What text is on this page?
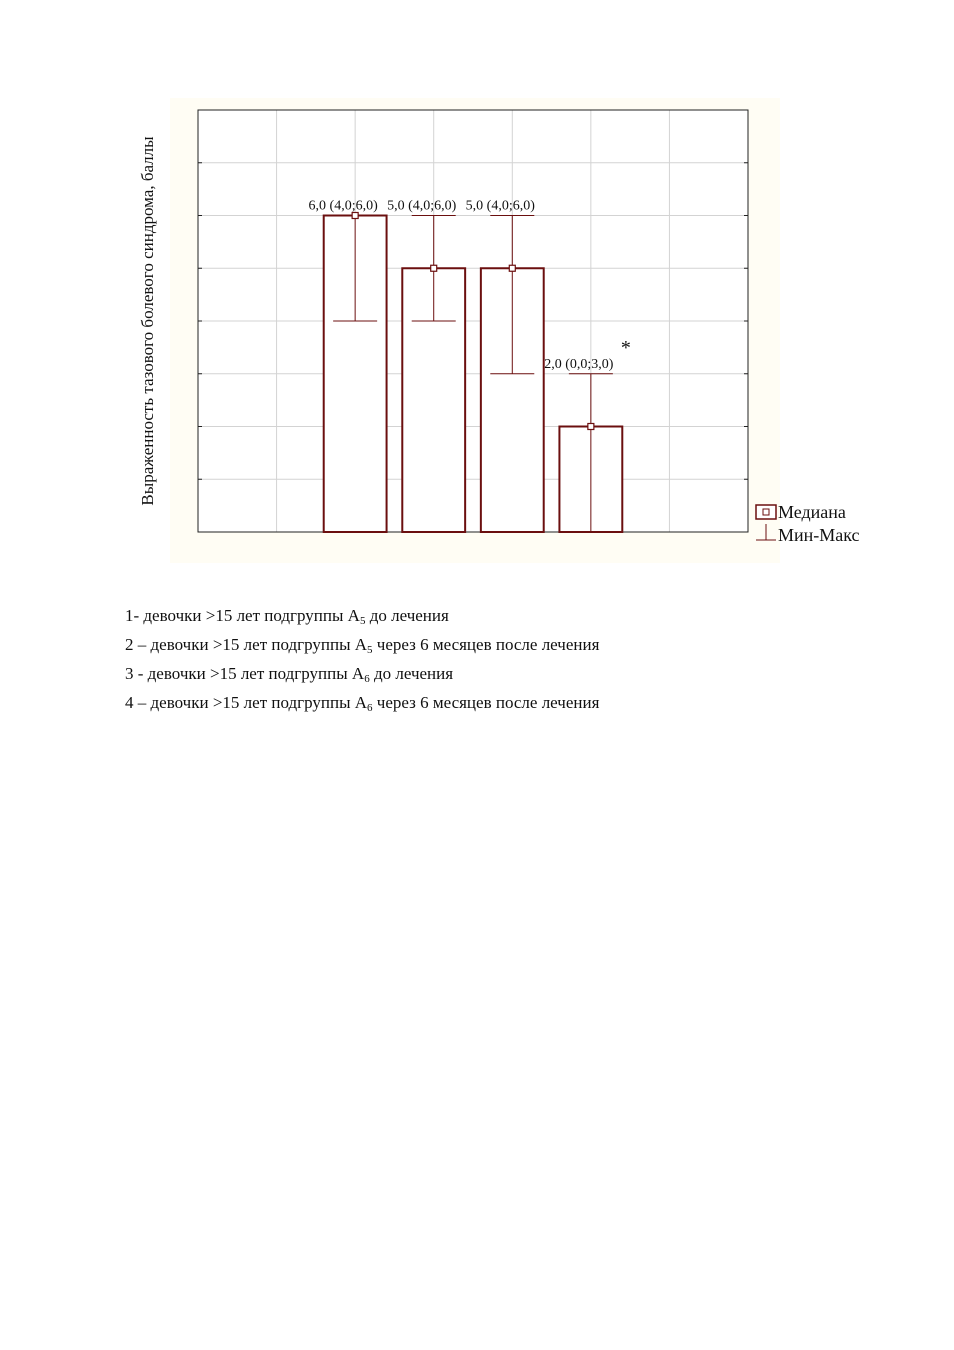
6,0 (4,0;6,0) 5,0 (4,0;6,0) 5,0 (4,0;6,0)
2,0 (0,0;3,0)
*
Выраженность тазового болевого синдрома, баллы
Медиана
Мин-Макс
1- девочки >15 лет подгруппы $А_5$ до лечения
2 – девочки >15 лет подгруппы $А_5$ через 6 месяцев после лечения
3 - девочки >15 лет подгруппы $А_6$ до лечения
4 – девочки >15 лет подгруппы $А_6$ через 6 месяцев после лечения
